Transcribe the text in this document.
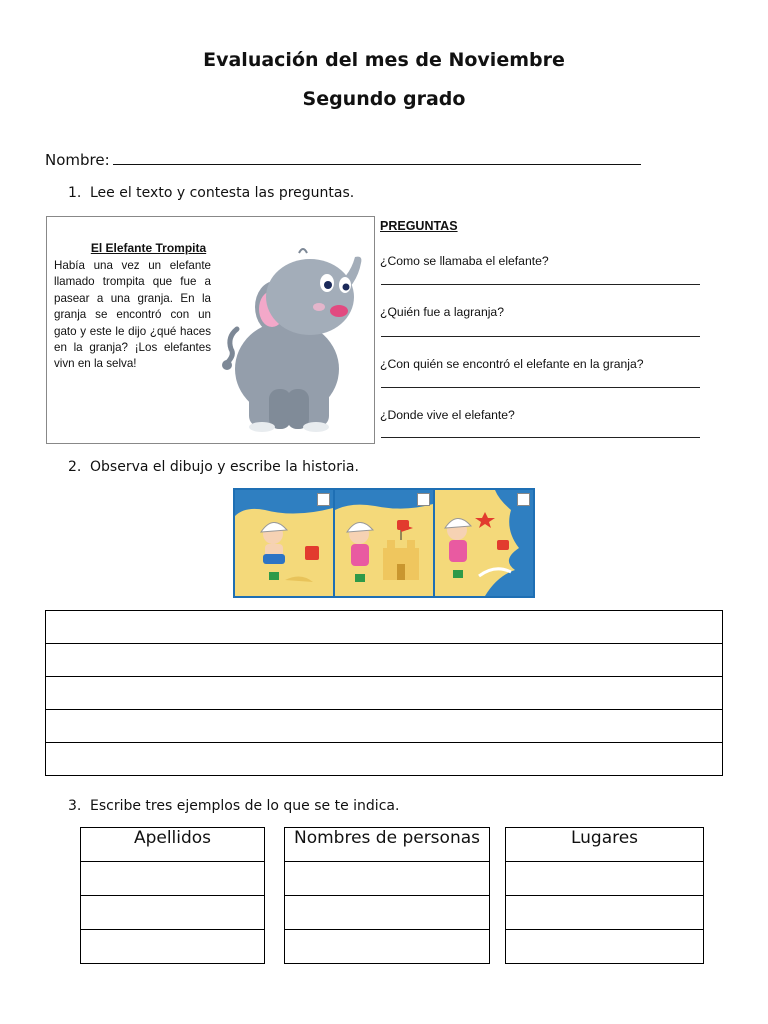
Evaluación del mes de Noviembre
Segundo grado
Nombre:
1. Lee el texto y contesta las preguntas.
El Elefante Trompita
Había una vez un elefante llamado trompita que fue a pasear a una granja. En la granja se encontró con un gato y este le dijo ¿qué haces en la granja? ¡Los elefantes vivn en la selva!
PREGUNTAS
¿Como se llamaba el elefante?
¿Quién fue a lagranja?
¿Con quién se encontró el elefante en la granja?
¿Donde vive el elefante?
2. Observa el dibujo y escribe la historia.

3. Escribe tres ejemplos de lo que se te indica.
Apellidos	Nombres de personas	Lugares
